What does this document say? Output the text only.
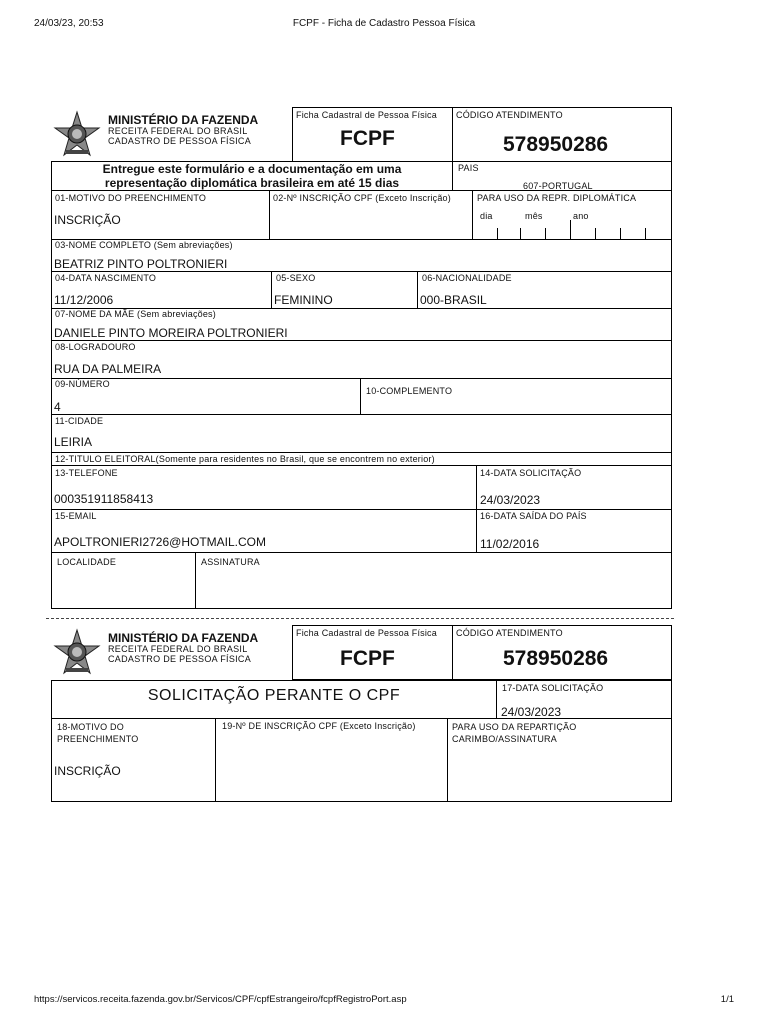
24/03/23, 20:53	FCPF - Ficha de Cadastro Pessoa Física
MINISTÉRIO DA FAZENDA
RECEITA FEDERAL DO BRASIL
CADASTRO DE PESSOA FÍSICA
Ficha Cadastral de Pessoa Física
FCPF
CÓDIGO ATENDIMENTO
578950286
Entregue este formulário e a documentação em uma
representação diplomática brasileira em até 15 dias
PAIS
607-PORTUGAL
01-MOTIVO DO PREENCHIMENTO
INSCRIÇÃO
02-Nº INSCRIÇÃO CPF (Exceto Inscrição)	PARA USO DA REPR. DIPLOMÁTICA
dia	mês	ano
03-NOME COMPLETO (Sem abreviações)
BEATRIZ PINTO POLTRONIERI
04-DATA NASCIMENTO
11/12/2006
05-SEXO
FEMININO
06-NACIONALIDADE
000-BRASIL
07-NOME DA MÃE (Sem abreviações)
DANIELE PINTO MOREIRA POLTRONIERI
08-LOGRADOURO
RUA DA PALMEIRA
09-NÚMERO
4
10-COMPLEMENTO
11-CIDADE
LEIRIA
12-TITULO ELEITORAL(Somente para residentes no Brasil, que se encontrem no exterior)
13-TELEFONE
000351911858413
14-DATA SOLICITAÇÃO
24/03/2023
15-EMAIL
APOLTRONIERI2726@HOTMAIL.COM
16-DATA SAÍDA DO PAÍS
11/02/2016
LOCALIDADE	ASSINATURA
MINISTÉRIO DA FAZENDA
RECEITA FEDERAL DO BRASIL
CADASTRO DE PESSOA FÍSICA
Ficha Cadastral de Pessoa Física
FCPF
CÓDIGO ATENDIMENTO
578950286
SOLICITAÇÃO PERANTE O CPF	17-DATA SOLICITAÇÃO
24/03/2023
18-MOTIVO DO
PREENCHIMENTO
INSCRIÇÃO
19-Nº DE INSCRIÇÃO CPF (Exceto Inscrição)	PARA USO DA REPARTIÇÃO
CARIMBO/ASSINATURA
https://servicos.receita.fazenda.gov.br/Servicos/CPF/cpfEstrangeiro/fcpfRegistroPort.asp	1/1
